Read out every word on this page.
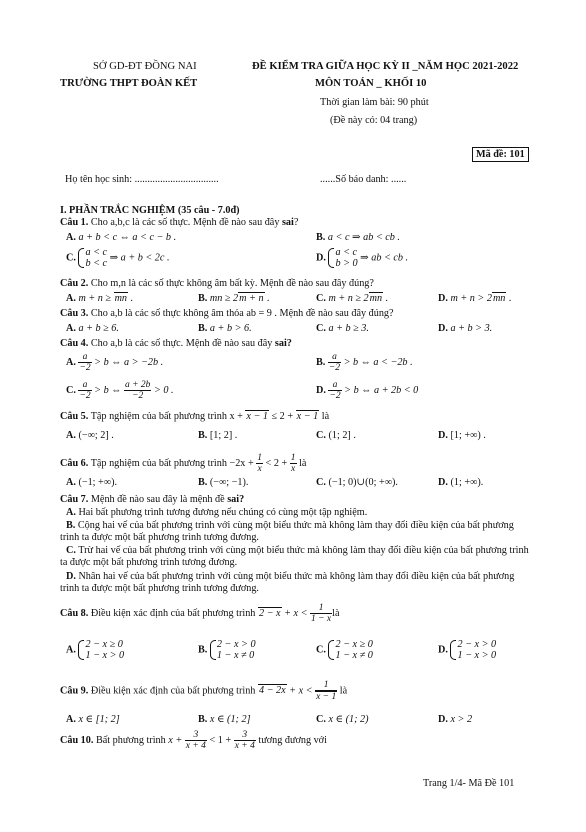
SỞ GD-ĐT ĐỒNG NAI
TRƯỜNG THPT ĐOÀN KẾT
ĐỀ KIỂM TRA GIỮA HỌC KỲ II _NĂM HỌC 2021-2022
MÔN TOÁN _ KHỐI 10
Thời gian làm bài: 90 phút
(Đề này có: 04 trang)
Mã đề: 101
Họ tên học sinh: .................................	......Số báo danh: ......
I. PHẦN TRẮC NGHIỆM (35 câu - 7.0đ)
Câu 1. Cho a,b,c là các số thực. Mệnh đề nào sau đây sai?
A. a + b < c ⇔ a < c − b .	B. a < c ⇒ ab < cb .
C. a < c
b < c
⇒ a + b < 2c .	D. a < c
b > 0
⇒ ab < cb .
Câu 2. Cho m,n là các số thực không âm bất kỳ. Mệnh đề nào sau đây đúng?
A. m + n ≥ mn .	B. mn ≥ 2m + n .	C. m + n ≥ 2mn .	D. m + n > 2mn .
Câu 3. Cho a,b là các số thực không âm thỏa ab = 9 . Mệnh đề nào sau đây đúng?
A. a + b ≥ 6.	B. a + b > 6.	C. a + b ≥ 3.	D. a + b > 3.
Câu 4. Cho a,b là các số thực. Mệnh đề nào sau đây sai?
A. $\frac{a}{-2} > b$ ⇔ a > −2b .	B. $\frac{a}{-2} > b$ ⇔ a < −2b .
C. $\frac{a}{-2} > b$ ⇔ $\frac{a + 2b}{-2} > 0$ .	D. $\frac{a}{-2} > b$ ⇔ a + 2b < 0
Câu 5. Tập nghiệm của bất phương trình x + x − 1 ≤ 2 + x − 1 là
A. (−∞; 2] .	B. [1; 2] .	C. (1; 2] .	D. [1; +∞) .
Câu 6. Tập nghiệm của bất phương trình $-2x + \frac{1}{x} < 2 + \frac{1}{x}$ là
A. (−1; +∞).	B. (−∞; −1).	C. (−1; 0)∪(0; +∞).	D. (1; +∞).
Câu 7. Mệnh đề nào sau đây là mệnh đề sai?
A. Hai bất phương trình tương đương nếu chúng có cùng một tập nghiệm.
B. Cộng hai vế của bất phương trình với cùng một biểu thức mà không làm thay đổi điều kiện của bất phương trình ta được một bất phương trình tương đương.
C. Trừ hai vế của bất phương trình với cùng một biểu thức mà không làm thay đổi điều kiện của bất phương trình ta được một bất phương trình tương đương.
D. Nhân hai vế của bất phương trình với cùng một biểu thức mà không làm thay đổi điều kiện của bất phương trình ta được một bất phương trình tương đương.
Câu 8. Điều kiện xác định của bất phương trình $2 - x + x < \frac{1}{1 - x}$ là
A. 2 − x ≥ 0
1 − x > 0
B. 2 − x > 0
1 − x ≠ 0
C. 2 − x ≥ 0
1 − x ≠ 0
D. 2 − x > 0
1 − x > 0
Câu 9. Điều kiện xác định của bất phương trình $4 - 2x + x < \frac{1}{x - 1}$ là
A. x ∈ [1; 2]	B. x ∈ (1; 2]	C. x ∈ (1; 2)	D. x > 2
Câu 10. Bất phương trình $x + \frac{3}{x + 4} < 1 + \frac{3}{x + 4}$ tương đương với
Trang 1/4- Mã Đề 101
